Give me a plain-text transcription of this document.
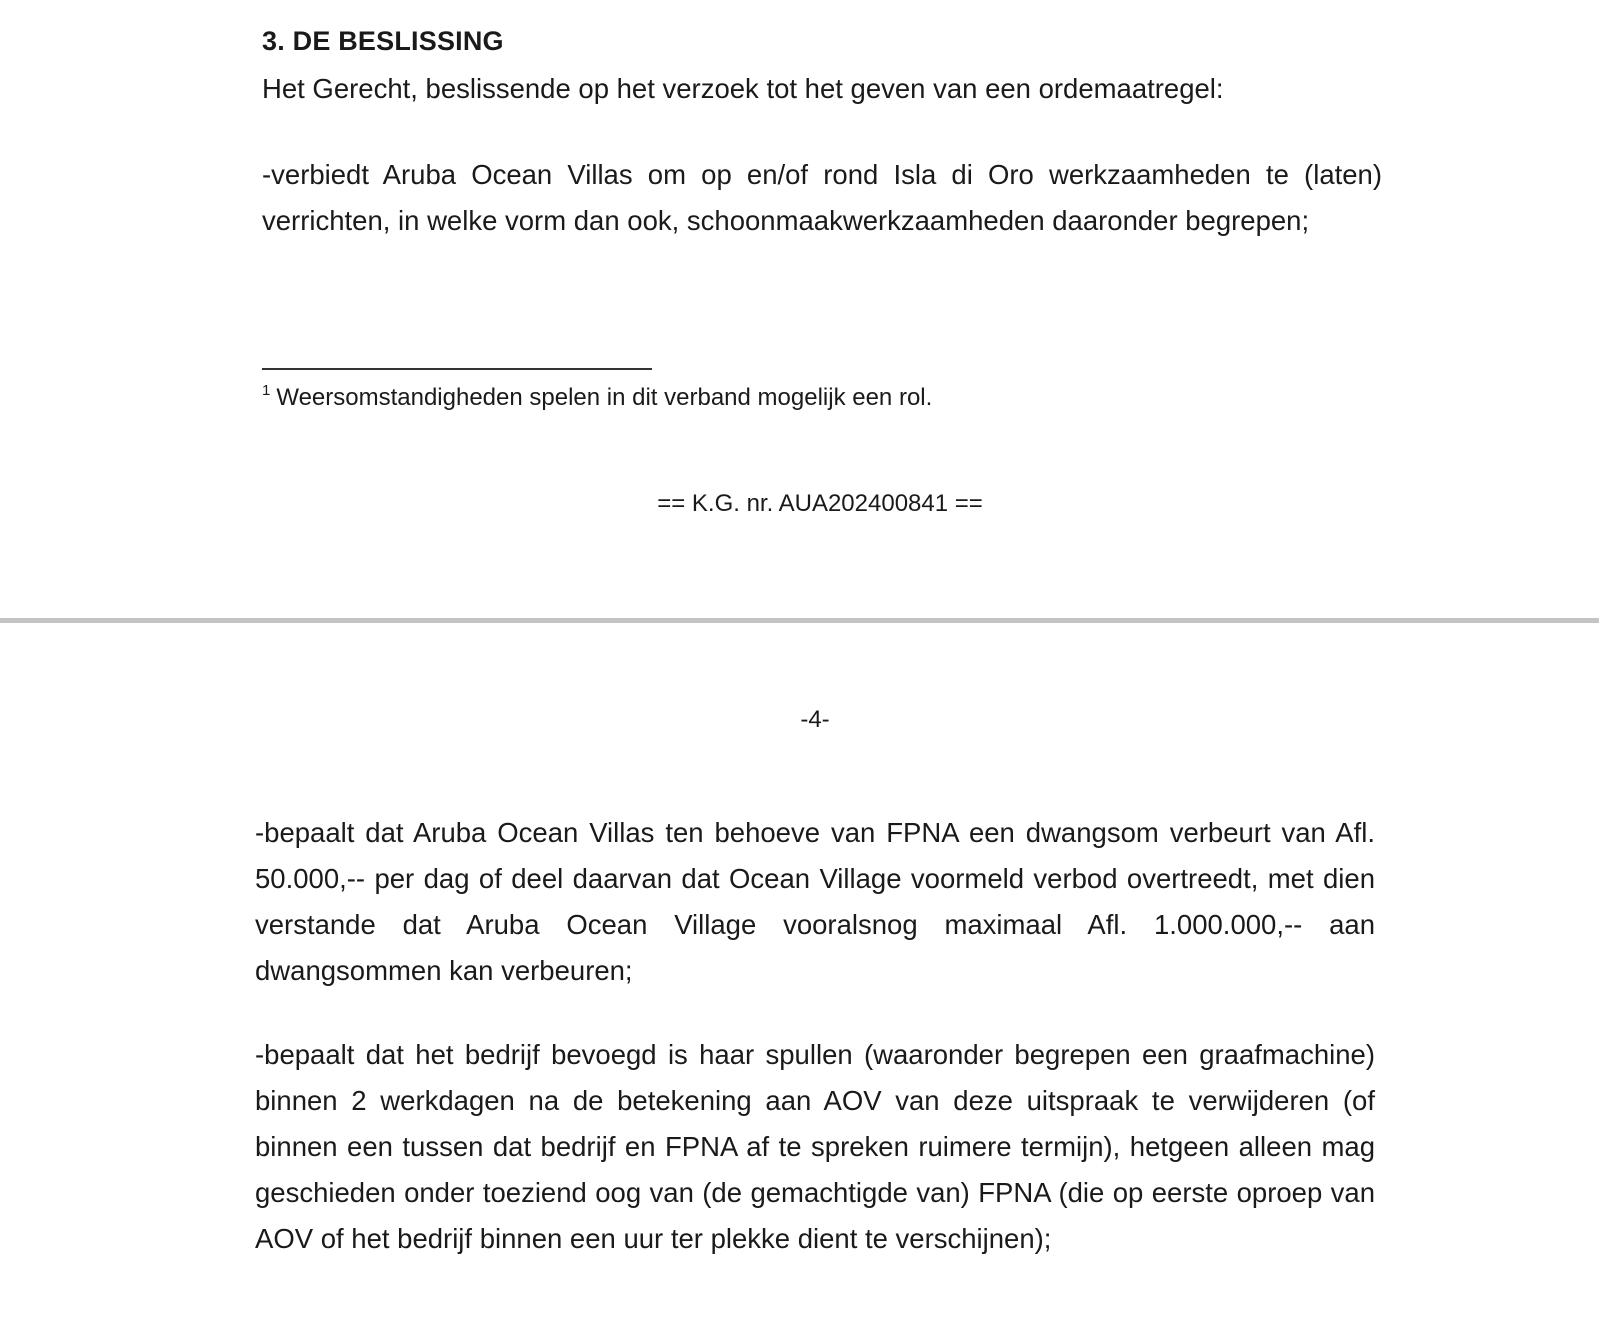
3. DE BESLISSING

Het Gerecht, beslissende op het verzoek tot het geven van een ordemaatregel:

-verbiedt Aruba Ocean Villas om op en/of rond Isla di Oro werkzaamheden te (laten) verrichten, in welke vorm dan ook, schoonmaakwerkzaamheden daaronder begrepen;

$^1$ Weersomstandigheden spelen in dit verband mogelijk een rol.
== K.G. nr. AUA202400841 ==
-4-

-bepaalt dat Aruba Ocean Villas ten behoeve van FPNA een dwangsom verbeurt van Afl. 50.000,-- per dag of deel daarvan dat Ocean Village voormeld verbod overtreedt, met dien verstande dat Aruba Ocean Village vooralsnog maximaal Afl. 1.000.000,-- aan dwangsommen kan verbeuren;

-bepaalt dat het bedrijf bevoegd is haar spullen (waaronder begrepen een graafmachine) binnen 2 werkdagen na de betekening aan AOV van deze uitspraak te verwijderen (of binnen een tussen dat bedrijf en FPNA af te spreken ruimere termijn), hetgeen alleen mag geschieden onder toeziend oog van (de gemachtigde van) FPNA (die op eerste oproep van AOV of het bedrijf binnen een uur ter plekke dient te verschijnen);
